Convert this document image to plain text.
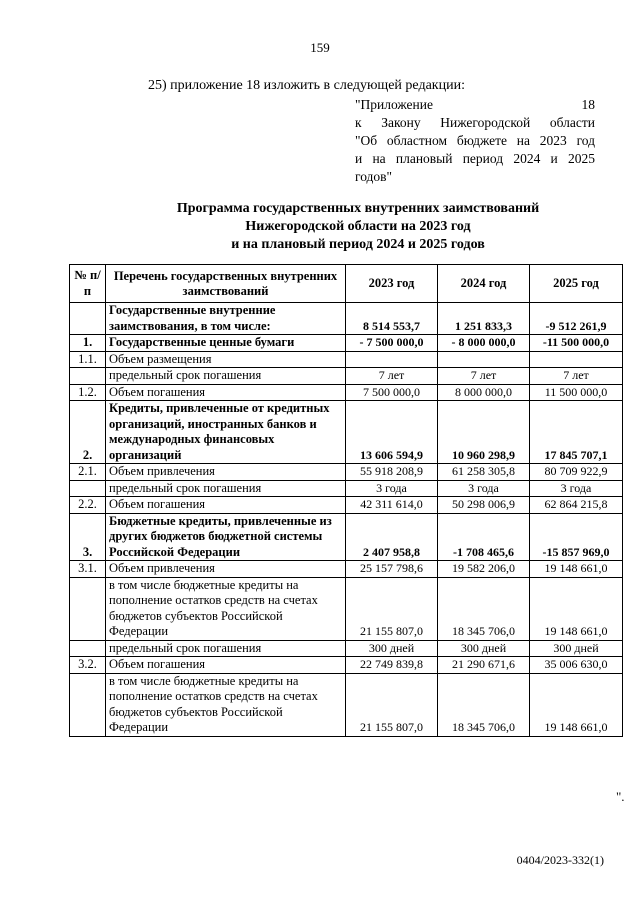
159
25) приложение 18 изложить в следующей редакции:
"Приложение 18
к Закону Нижегородской области
"Об областном бюджете на 2023 год
и на плановый период 2024 и 2025
годов"
Программа государственных внутренних заимствований
Нижегородской области на 2023 год
и на плановый период 2024 и 2025 годов
№ п/п	Перечень государственных внутренних заимствований	2023 год	2024 год	2025 год
	Государственные внутренние заимствования, в том числе:	8 514 553,7	1 251 833,3	-9 512 261,9
1.	Государственные ценные бумаги	- 7 500 000,0	- 8 000 000,0	-11 500 000,0
1.1.	Объем размещения			
	предельный срок погашения	7 лет	7 лет	7 лет
1.2.	Объем погашения	7 500 000,0	8 000 000,0	11 500 000,0
2.	Кредиты, привлеченные от кредитных организаций, иностранных банков и международных финансовых организаций	13 606 594,9	10 960 298,9	17 845 707,1
2.1.	Объем привлечения	55 918 208,9	61 258 305,8	80 709 922,9
	предельный срок погашения	3 года	3 года	3 года
2.2.	Объем погашения	42 311 614,0	50 298 006,9	62 864 215,8
3.	Бюджетные кредиты, привлеченные из других бюджетов бюджетной системы Российской Федерации	2 407 958,8	-1 708 465,6	-15 857 969,0
3.1.	Объем привлечения	25 157 798,6	19 582 206,0	19 148 661,0
	в том числе бюджетные кредиты на пополнение остатков средств на счетах бюджетов субъектов Российской Федерации	21 155 807,0	18 345 706,0	19 148 661,0
	предельный срок погашения	300 дней	300 дней	300 дней
3.2.	Объем погашения	22 749 839,8	21 290 671,6	35 006 630,0
	в том числе бюджетные кредиты на пополнение остатков средств на счетах бюджетов субъектов Российской Федерации	21 155 807,0	18 345 706,0	19 148 661,0
".
0404/2023-332(1)
